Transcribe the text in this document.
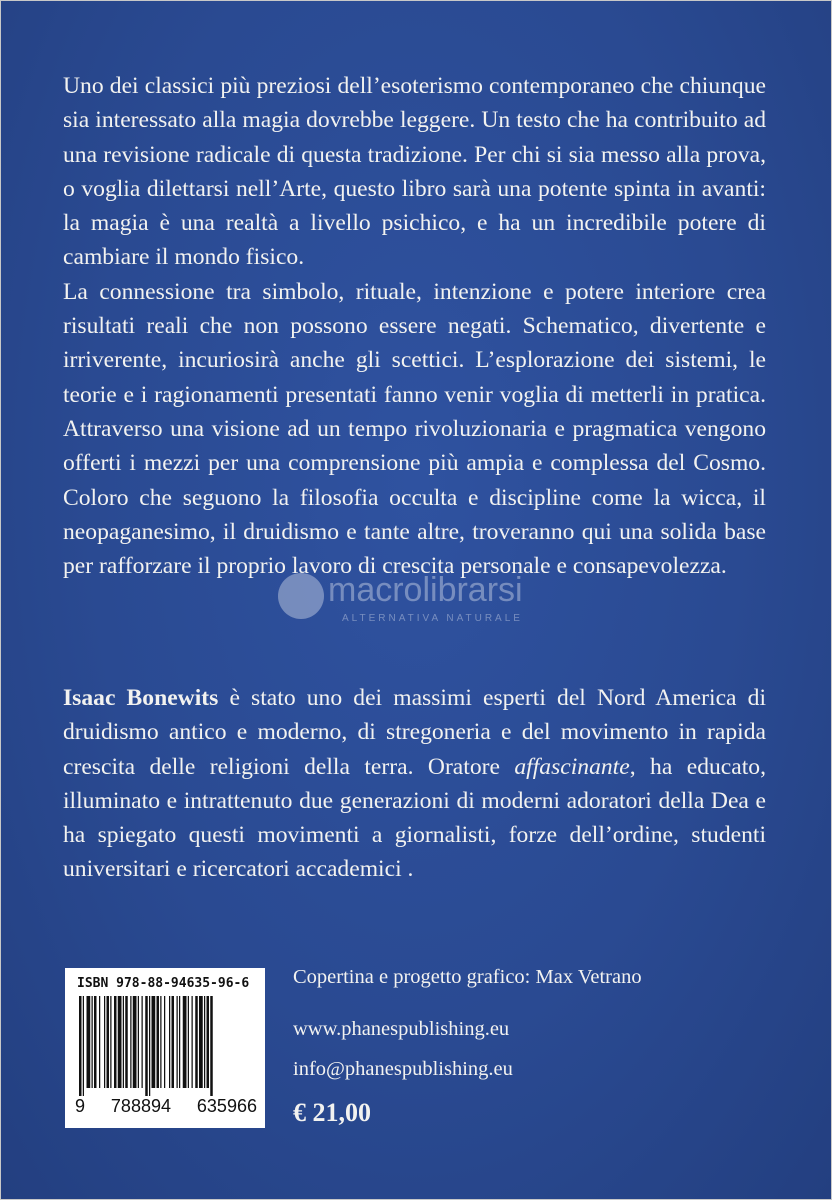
Uno dei classici più preziosi dell’esoterismo contemporaneo che chiunque sia interessato alla magia dovrebbe leggere. Un testo che ha contribuito ad una revisione radicale di questa tradizione. Per chi si sia messo alla prova, o voglia dilettarsi nell’Arte, questo libro sarà una potente spinta in avanti: la magia è una realtà a livello psichico, e ha un incredibile potere di cambiare il mondo fisico.

La connessione tra simbolo, rituale, intenzione e potere interiore crea risultati reali che non possono essere negati. Schematico, divertente e irriverente, incuriosirà anche gli scettici. L’esplorazione dei sistemi, le teorie e i ragionamenti presentati fanno venir voglia di metterli in pratica. Attraverso una visione ad un tempo rivoluzionaria e pragmatica vengono offerti i mezzi per una comprensione più ampia e complessa del Cosmo. Coloro che seguono la filosofia occulta e discipline come la wicca, il neopaganesimo, il druidismo e tante altre, troveranno qui una solida base per rafforzare il proprio lavoro di crescita personale e consapevolezza.

macrolibrarsi
ALTERNATIVA NATURALE

Isaac Bonewits è stato uno dei massimi esperti del Nord America di druidismo antico e moderno, di stregoneria e del movimento in rapida crescita delle religioni della terra. Oratore affascinante, ha educato, illuminato e intrattenuto due generazioni di moderni adoratori della Dea e ha spiegato questi movimenti a giornalisti, forze dell’ordine, studenti universitari e ricercatori accademici .

ISBN 978-88-94635-96-6
9 788894 635966
Copertina e progetto grafico: Max Vetrano
www.phanespublishing.eu
info@phanespublishing.eu
€ 21,00
